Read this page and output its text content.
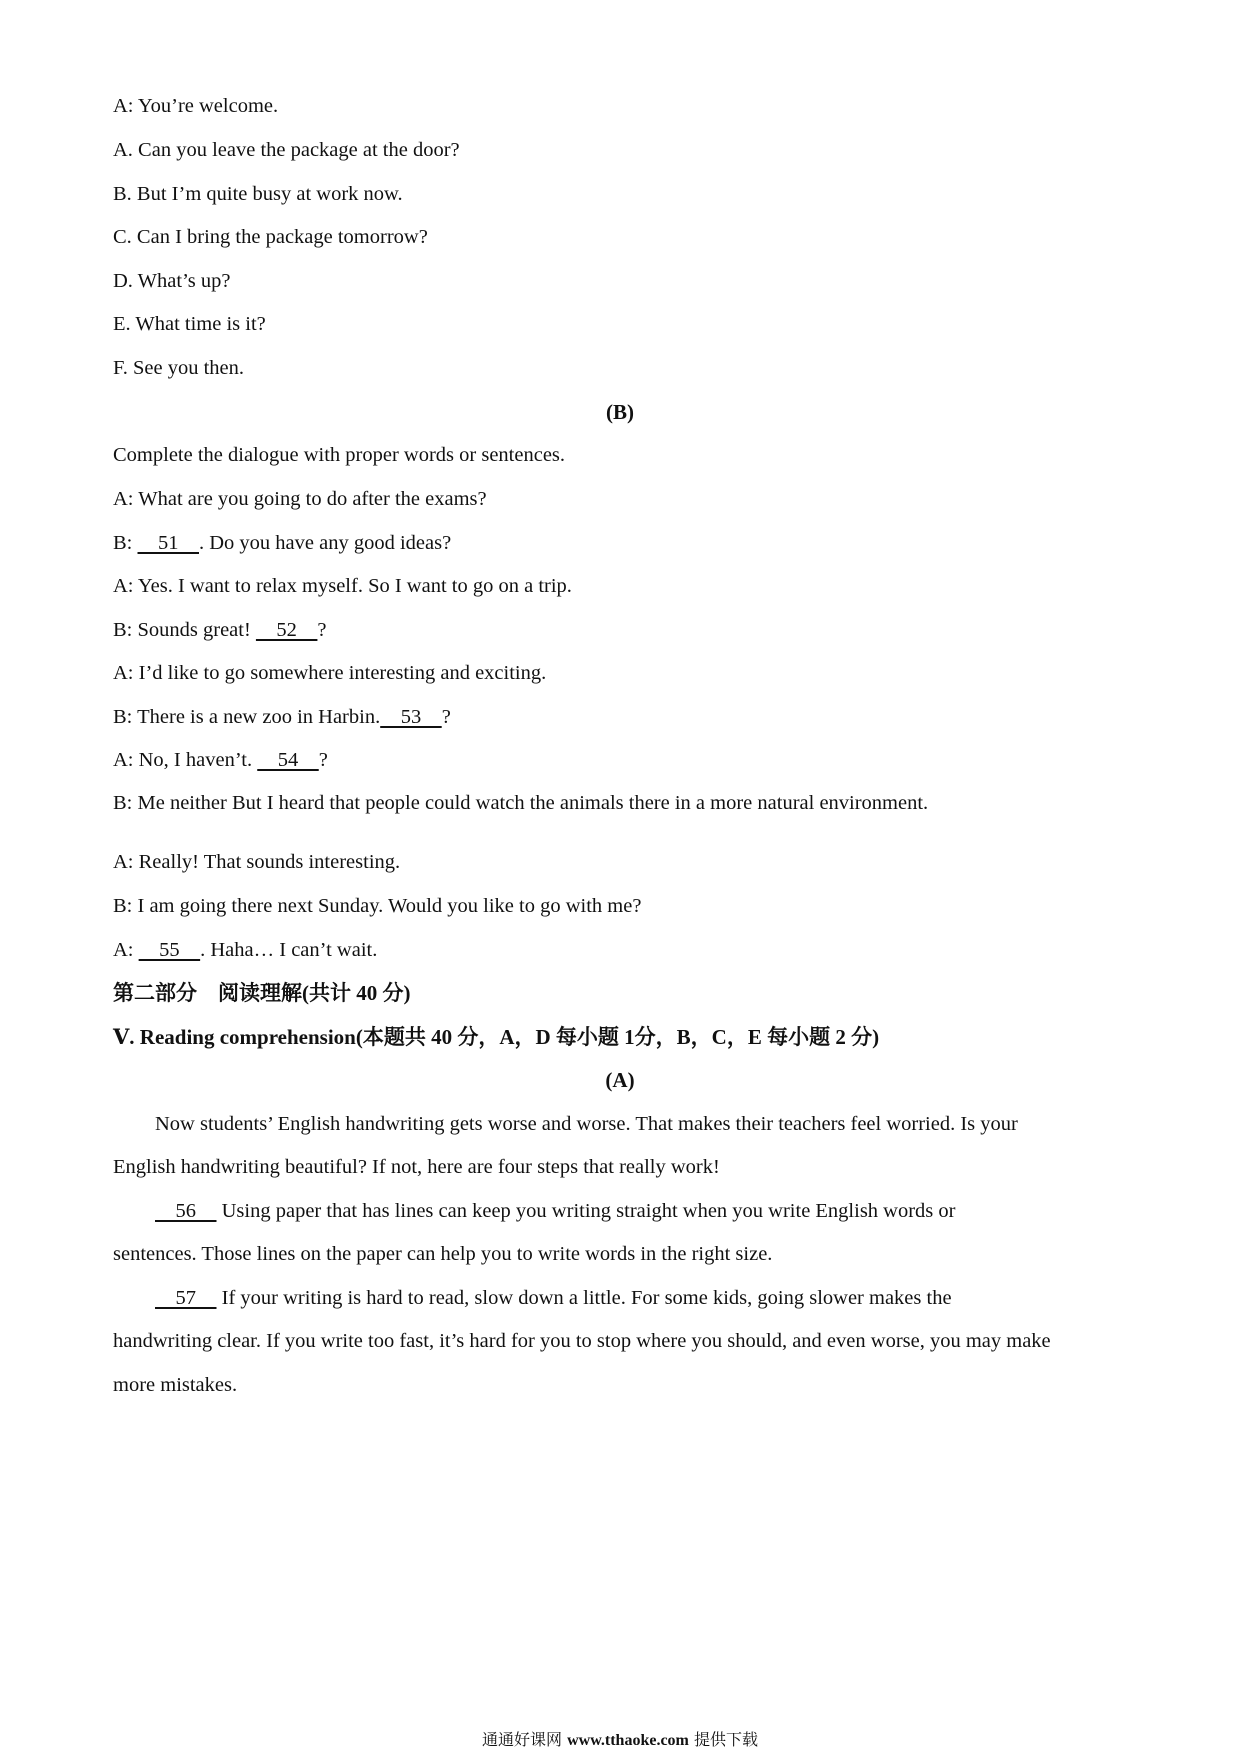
A: You’re welcome.
A. Can you leave the package at the door?
B. But I’m quite busy at work now.
C. Can I bring the package tomorrow?
D. What’s up?
E. What time is it?
F. See you then.
(B)
Complete the dialogue with proper words or sentences.
A: What are you going to do after the exams?
B:     51    . Do you have any good ideas?
A: Yes. I want to relax myself. So I want to go on a trip.
B: Sounds great!     52    ?
A: I’d like to go somewhere interesting and exciting.
B: There is a new zoo in Harbin.    53    ?
A: No, I haven’t.     54    ?
B: Me neither But I heard that people could watch the animals there in a more natural environment.
A: Really! That sounds interesting.
B: I am going there next Sunday. Would you like to go with me?
A:     55    . Haha… I can’t wait.
第二部分　阅读理解(共计 40 分)
Ⅴ. Reading comprehension(本题共 40 分，A，D 每小题 1分，B，C，E 每小题 2 分)
(A)
Now students’ English handwriting gets worse and worse. That makes their teachers feel worried. Is your
English handwriting beautiful? If not, here are four steps that really work!
56     Using paper that has lines can keep you writing straight when you write English words or
sentences. Those lines on the paper can help you to write words in the right size.
57     If your writing is hard to read, slow down a little. For some kids, going slower makes the
handwriting clear. If you write too fast, it’s hard for you to stop where you should, and even worse, you may make
more mistakes.
通通好课网 www.tthaoke.com 提供下载
